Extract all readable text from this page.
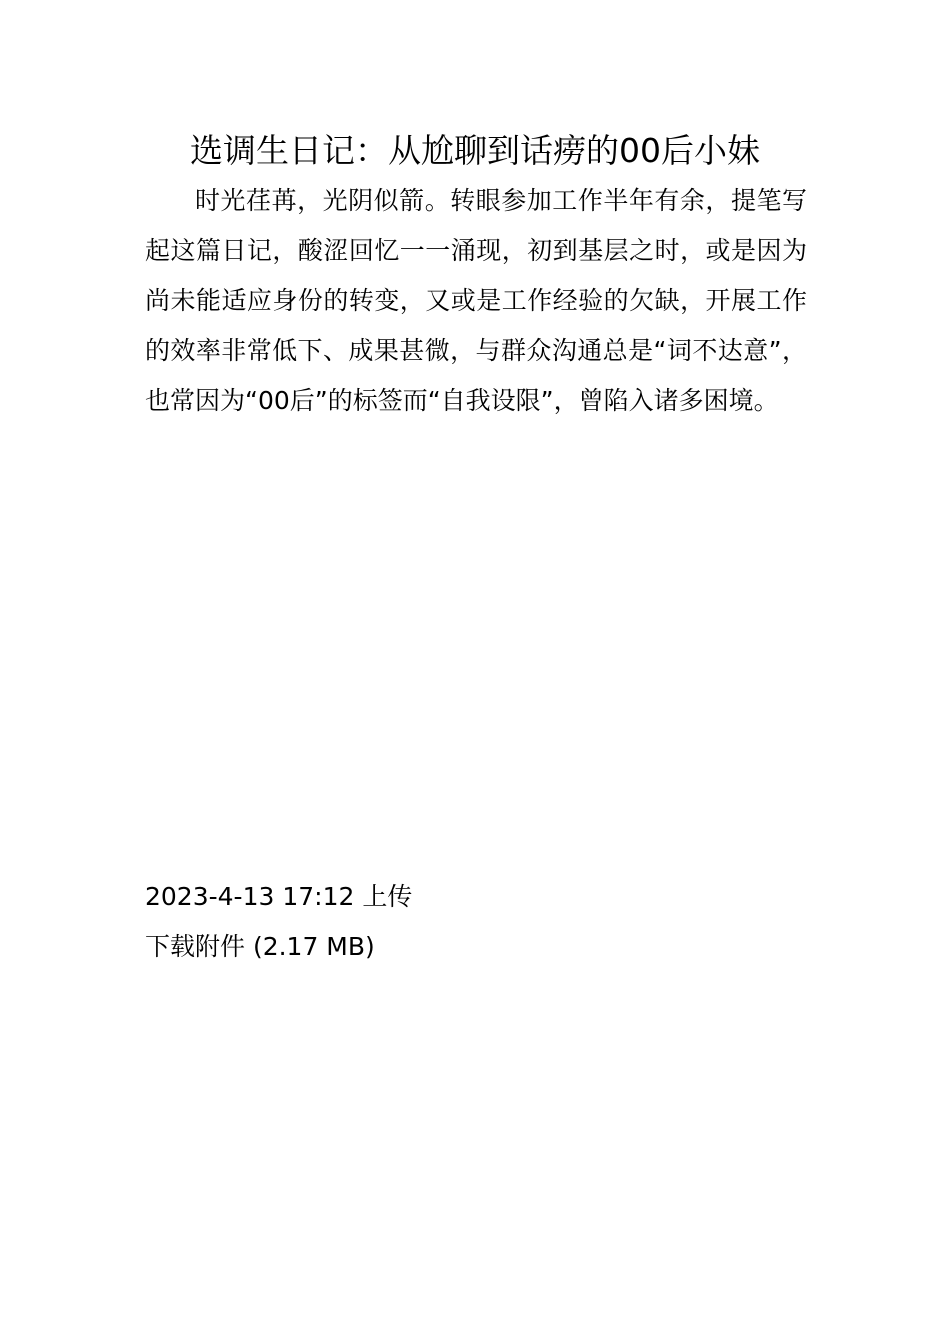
选调生日记：从尬聊到话痨的00后小妹

时光荏苒，光阴似箭。转眼参加工作半年有余，提笔写起这篇日记，酸涩回忆一一涌现，初到基层之时，或是因为尚未能适应身份的转变，又或是工作经验的欠缺，开展工作的效率非常低下、成果甚微，与群众沟通总是“词不达意”，也常因为“00后”的标签而“自我设限”，曾陷入诸多困境。

2023-4-13 17:12 上传
下载附件 (2.17 MB)
